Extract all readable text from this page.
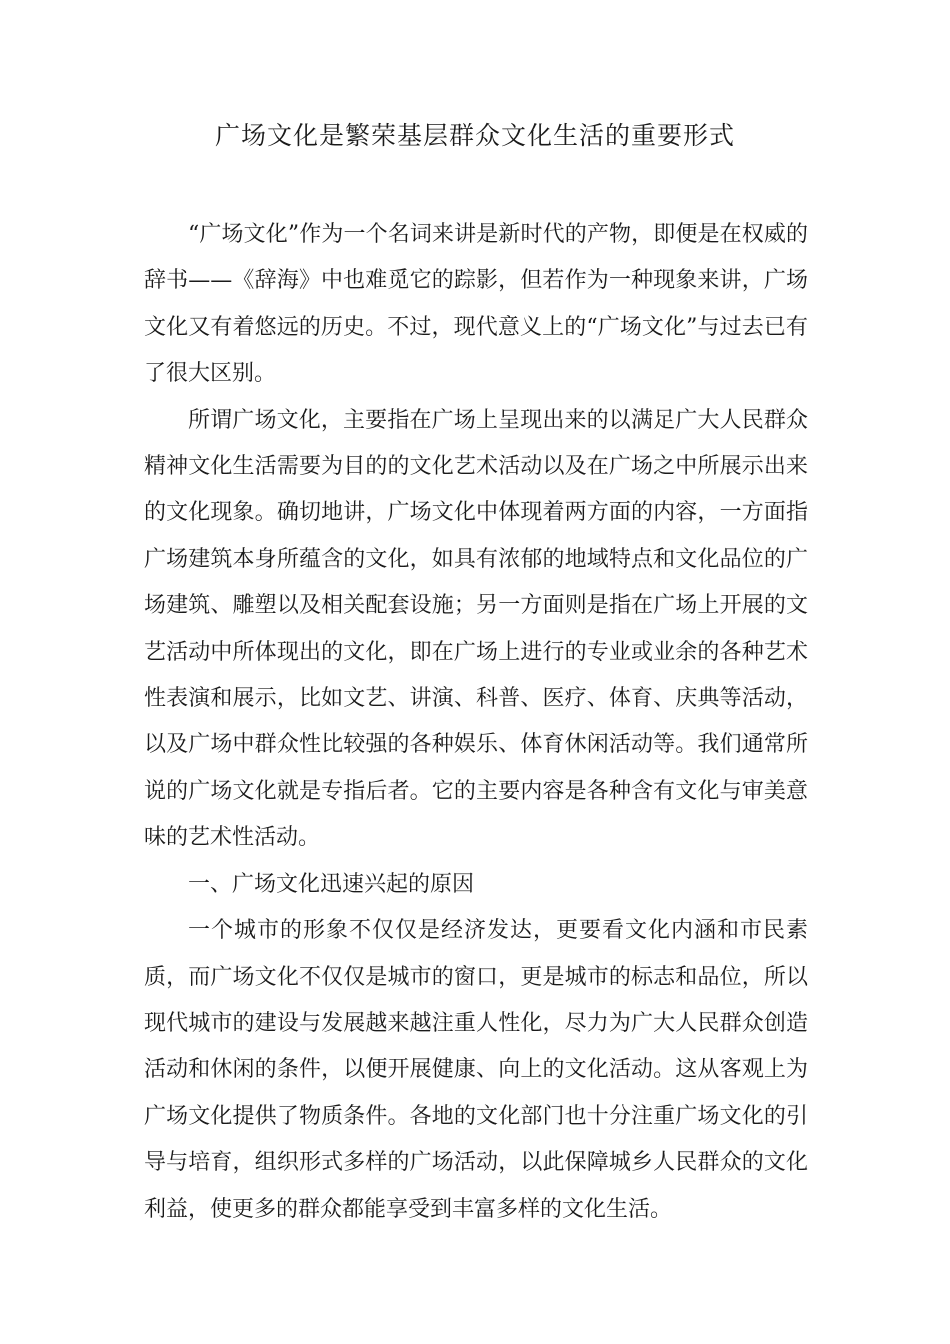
广场文化是繁荣基层群众文化生活的重要形式

“广场文化”作为一个名词来讲是新时代的产物，即便是在权威的辞书——《辞海》中也难觅它的踪影，但若作为一种现象来讲，广场文化又有着悠远的历史。不过，现代意义上的“广场文化”与过去已有了很大区别。

所谓广场文化，主要指在广场上呈现出来的以满足广大人民群众精神文化生活需要为目的的文化艺术活动以及在广场之中所展示出来的文化现象。确切地讲，广场文化中体现着两方面的内容，一方面指广场建筑本身所蕴含的文化，如具有浓郁的地域特点和文化品位的广场建筑、雕塑以及相关配套设施；另一方面则是指在广场上开展的文艺活动中所体现出的文化，即在广场上进行的专业或业余的各种艺术性表演和展示，比如文艺、讲演、科普、医疗、体育、庆典等活动，以及广场中群众性比较强的各种娱乐、体育休闲活动等。我们通常所说的广场文化就是专指后者。它的主要内容是各种含有文化与审美意味的艺术性活动。

一、广场文化迅速兴起的原因

一个城市的形象不仅仅是经济发达，更要看文化内涵和市民素质，而广场文化不仅仅是城市的窗口，更是城市的标志和品位，所以现代城市的建设与发展越来越注重人性化，尽力为广大人民群众创造活动和休闲的条件，以便开展健康、向上的文化活动。这从客观上为广场文化提供了物质条件。各地的文化部门也十分注重广场文化的引导与培育，组织形式多样的广场活动，以此保障城乡人民群众的文化利益，使更多的群众都能享受到丰富多样的文化生活。
